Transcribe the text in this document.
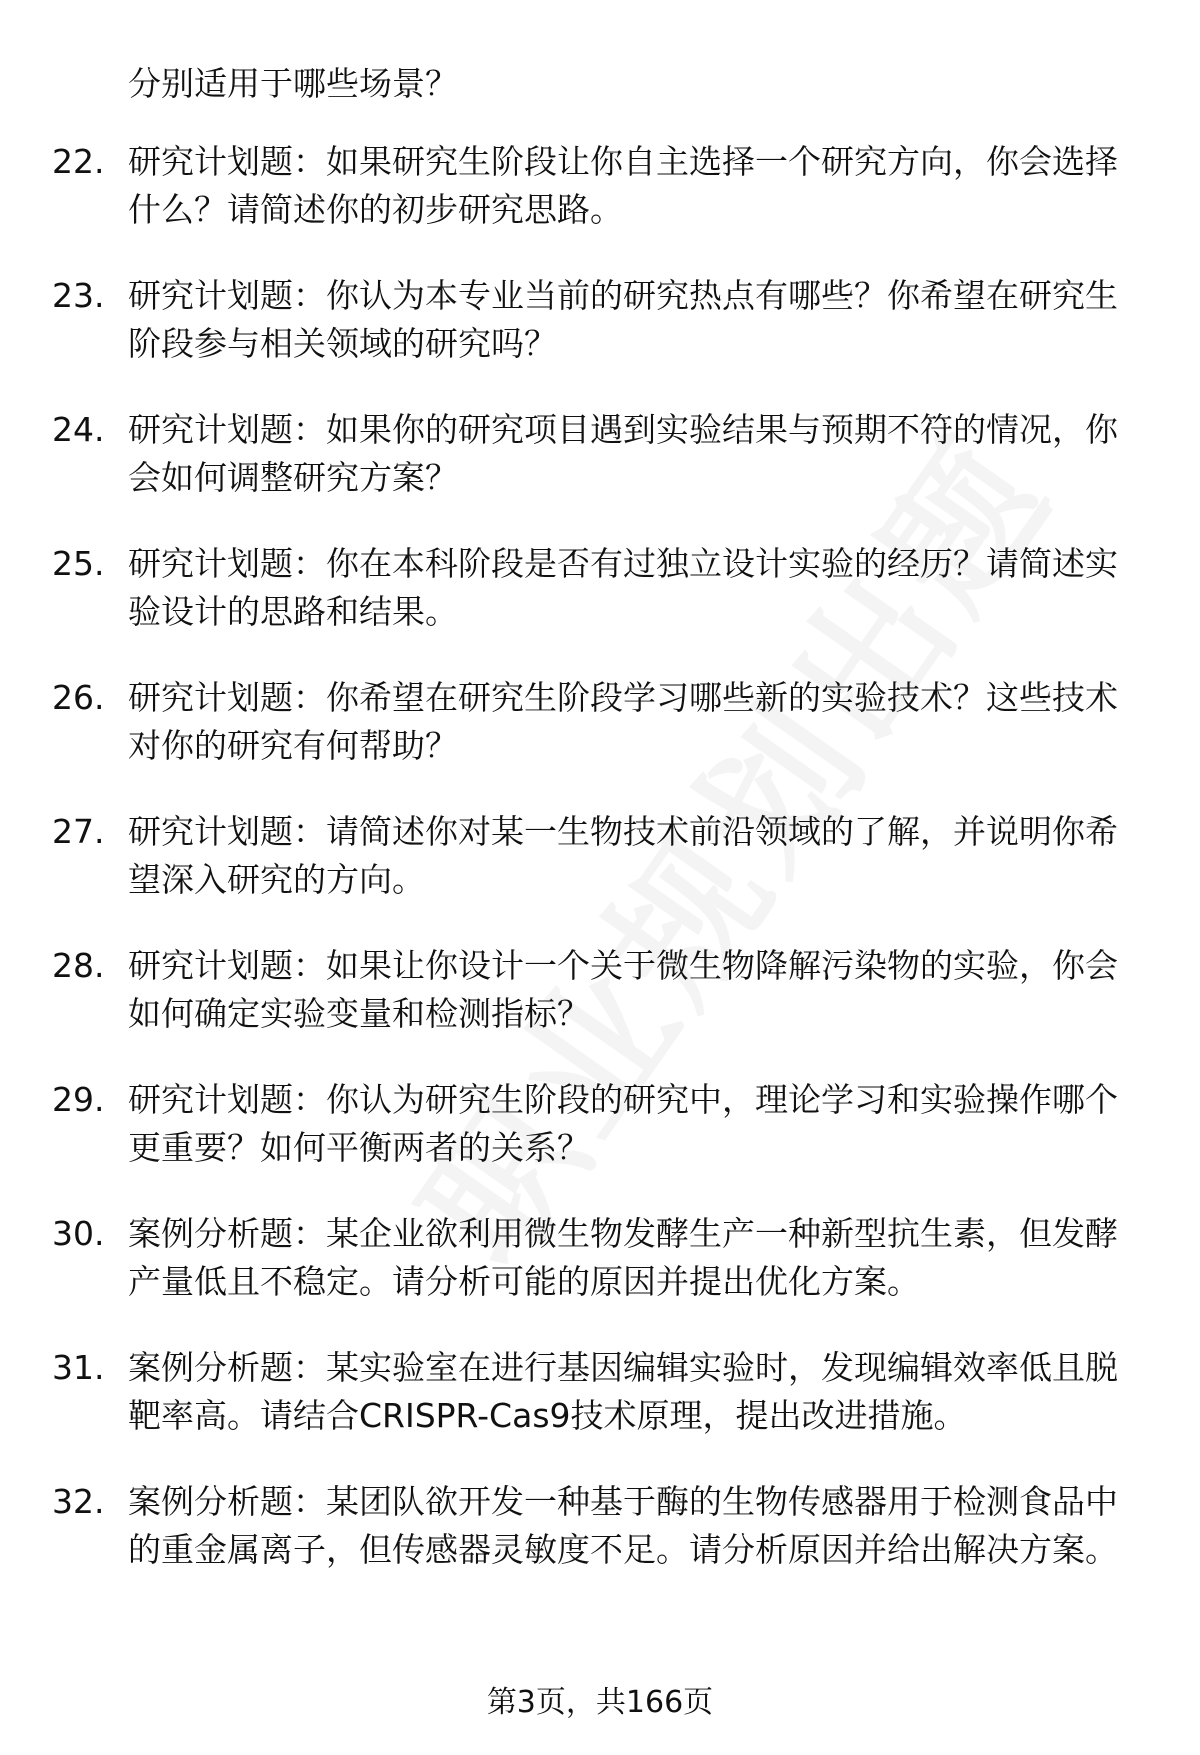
分别适用于哪些场景？
22. 研究计划题：如果研究生阶段让你自主选择一个研究方向，你会选择什么？请简述你的初步研究思路。
23. 研究计划题：你认为本专业当前的研究热点有哪些？你希望在研究生阶段参与相关领域的研究吗？
24. 研究计划题：如果你的研究项目遇到实验结果与预期不符的情况，你会如何调整研究方案？
25. 研究计划题：你在本科阶段是否有过独立设计实验的经历？请简述实验设计的思路和结果。
26. 研究计划题：你希望在研究生阶段学习哪些新的实验技术？这些技术对你的研究有何帮助？
27. 研究计划题：请简述你对某一生物技术前沿领域的了解，并说明你希望深入研究的方向。
28. 研究计划题：如果让你设计一个关于微生物降解污染物的实验，你会如何确定实验变量和检测指标？
29. 研究计划题：你认为研究生阶段的研究中，理论学习和实验操作哪个更重要？如何平衡两者的关系？
30. 案例分析题：某企业欲利用微生物发酵生产一种新型抗生素，但发酵产量低且不稳定。请分析可能的原因并提出优化方案。
31. 案例分析题：某实验室在进行基因编辑实验时，发现编辑效率低且脱靶率高。请结合CRISPR-Cas9技术原理，提出改进措施。
32. 案例分析题：某团队欲开发一种基于酶的生物传感器用于检测食品中的重金属离子，但传感器灵敏度不足。请分析原因并给出解决方案。
第3页，共166页
